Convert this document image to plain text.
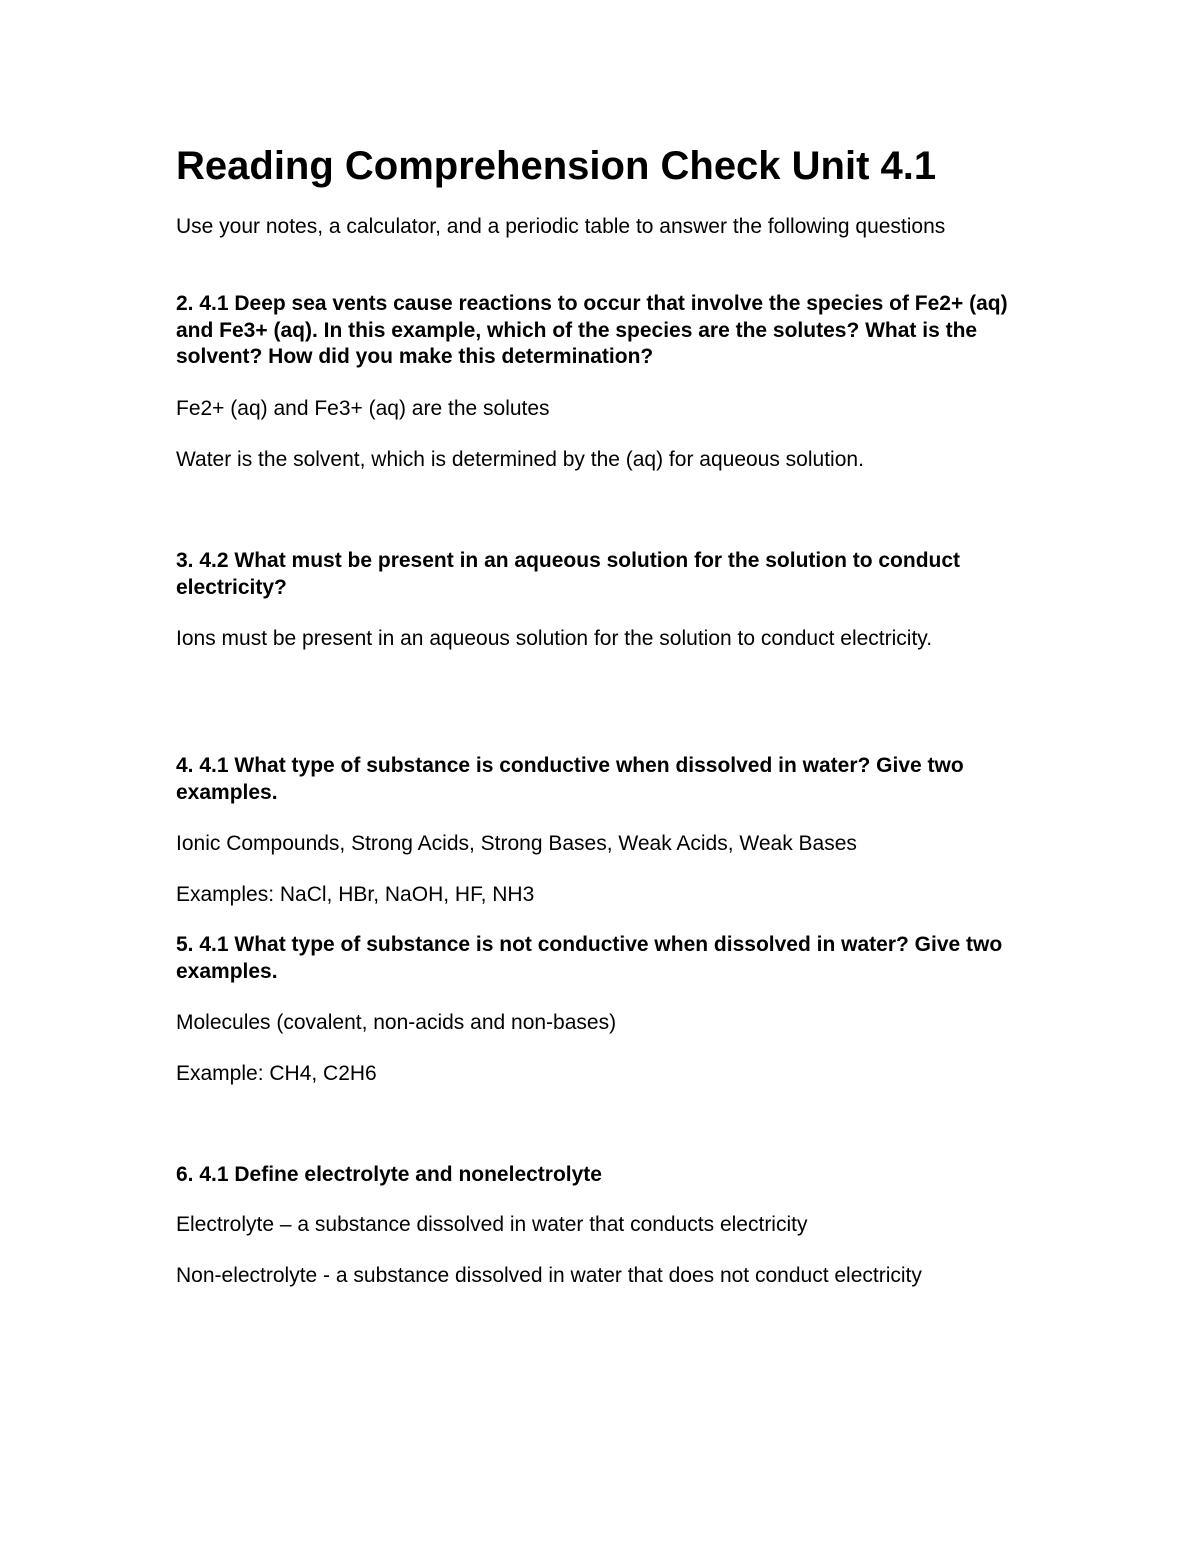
Reading Comprehension Check Unit 4.1

Use your notes, a calculator, and a periodic table to answer the following questions

2. 4.1 Deep sea vents cause reactions to occur that involve the species of Fe2+ (aq) and Fe3+ (aq). In this example, which of the species are the solutes? What is the solvent? How did you make this determination?

Fe2+ (aq) and Fe3+ (aq) are the solutes

Water is the solvent, which is determined by the (aq) for aqueous solution.

3. 4.2 What must be present in an aqueous solution for the solution to conduct electricity?

Ions must be present in an aqueous solution for the solution to conduct electricity.

4. 4.1 What type of substance is conductive when dissolved in water? Give two examples.

Ionic Compounds, Strong Acids, Strong Bases, Weak Acids, Weak Bases

Examples: NaCl, HBr, NaOH, HF, NH3

5. 4.1 What type of substance is not conductive when dissolved in water? Give two examples.

Molecules (covalent, non-acids and non-bases)

Example: CH4, C2H6

6. 4.1 Define electrolyte and nonelectrolyte

Electrolyte – a substance dissolved in water that conducts electricity

Non-electrolyte - a substance dissolved in water that does not conduct electricity
